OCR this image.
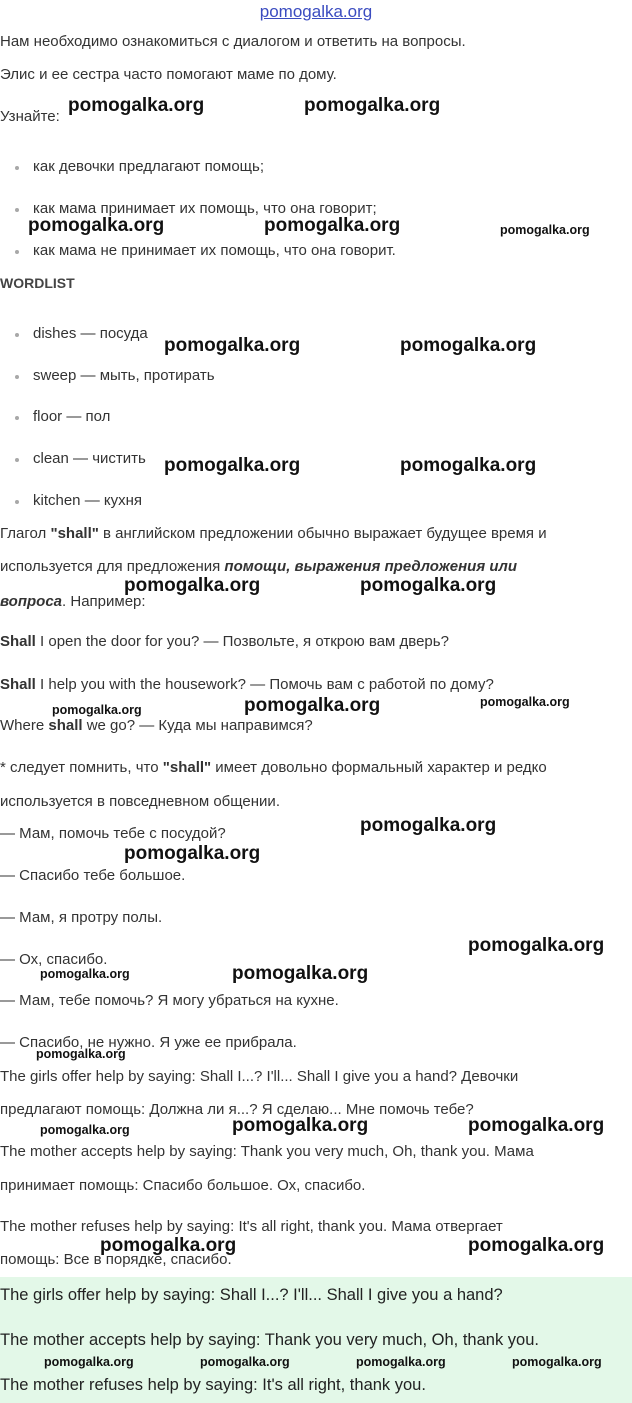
pomogalka.org
Нам необходимо ознакомиться с диалогом и ответить на вопросы.
Элис и ее сестра часто помогают маме по дому.
Узнайте:
как девочки предлагают помощь;
как мама принимает их помощь, что она говорит;
как мама не принимает их помощь, что она говорит.
WORDLIST
dishes — посуда
sweep — мыть, протирать
floor — пол
clean — чистить
kitchen — кухня
Глагол "shall" в английском предложении обычно выражает будущее время и
используется для предложения помощи, выражения предложения или
вопроса. Например:
Shall I open the door for you? — Позвольте, я открою вам дверь?
Shall I help you with the housework? — Помочь вам с работой по дому?
Where shall we go? — Куда мы направимся?
* следует помнить, что "shall" имеет довольно формальный характер и редко
используется в повседневном общении.
— Мам, помочь тебе с посудой?
— Спасибо тебе большое.
— Мам, я протру полы.
— Ох, спасибо.
— Мам, тебе помочь? Я могу убраться на кухне.
— Спасибо, не нужно. Я уже ее прибрала.
The girls offer help by saying: Shall I...? I'll... Shall I give you a hand? Девочки
предлагают помощь: Должна ли я...? Я сделаю... Мне помочь тебе?
The mother accepts help by saying: Thank you very much, Oh, thank you. Мама
принимает помощь: Спасибо большое. Ох, спасибо.
The mother refuses help by saying: It's all right, thank you. Мама отвергает
помощь: Все в порядке, спасибо.
The girls offer help by saying: Shall I...? I'll... Shall I give you a hand?
The mother accepts help by saying: Thank you very much, Oh, thank you.
The mother refuses help by saying: It's all right, thank you.
pomogalka.org	pomogalka.org
pomogalka.org	pomogalka.org	pomogalka.org
pomogalka.org	pomogalka.org
pomogalka.org	pomogalka.org
pomogalka.org	pomogalka.org
pomogalka.org	pomogalka.org	pomogalka.org
pomogalka.org
pomogalka.org
pomogalka.org
pomogalka.org	pomogalka.org
pomogalka.org
pomogalka.org	pomogalka.org	pomogalka.org
pomogalka.org	pomogalka.org
pomogalka.org	pomogalka.org	pomogalka.org	pomogalka.org
